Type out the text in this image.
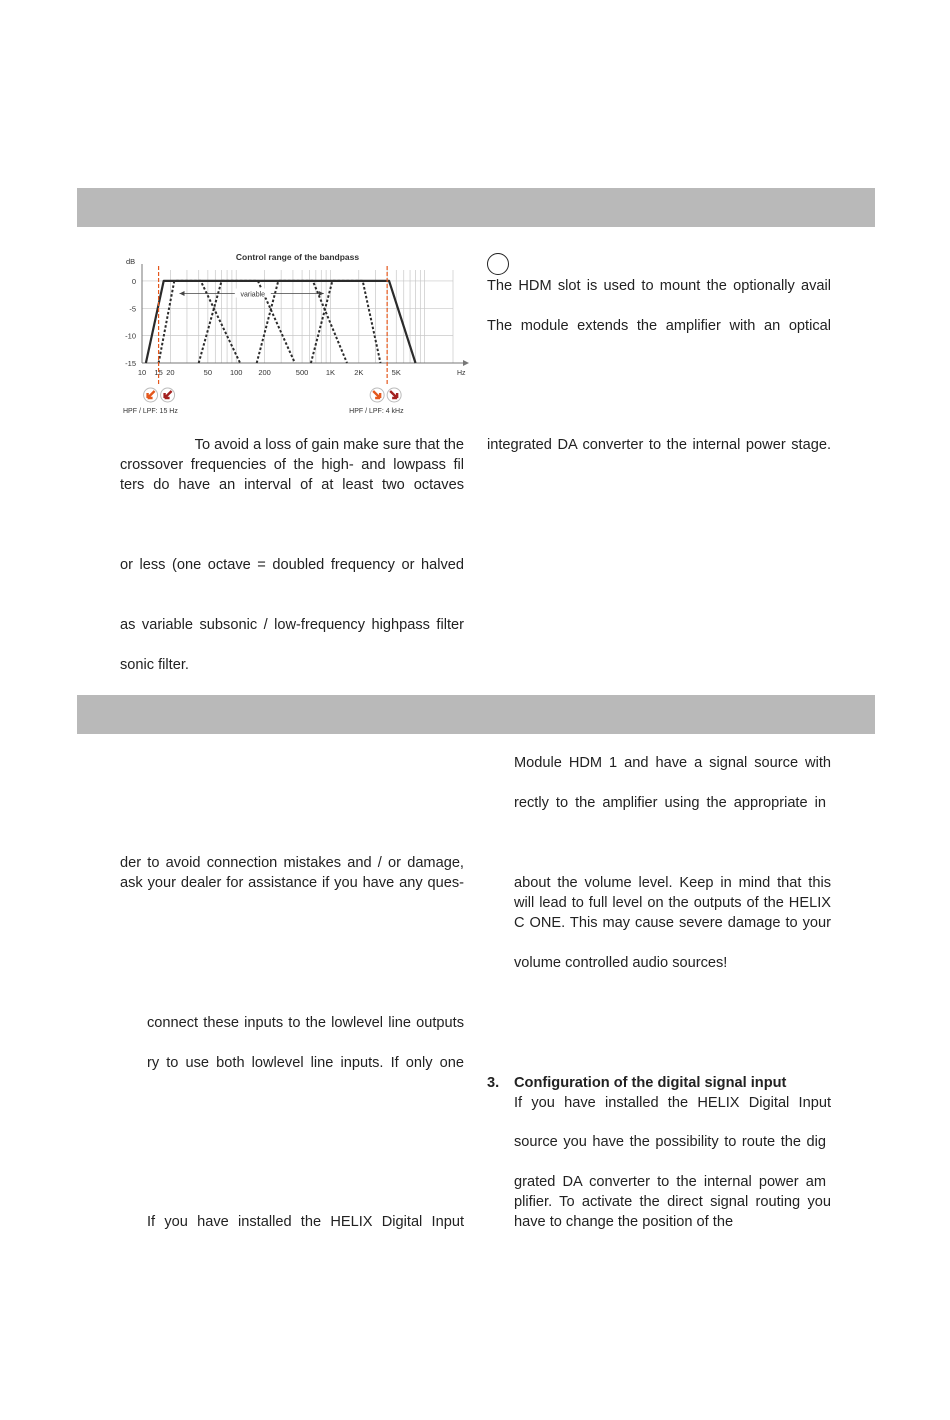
Control range of the bandpass
0
-5
-10
-15
dB
10 15 20	50 100 200	500 1K	2K	5K	Hz
variable
HPF / LPF: 15 Hz	HPF / LPF: 4 kHz
To avoid a loss of gain make sure that the
crossover frequencies of the high- and lowpass fil
ters do have an interval of at least two octaves
or less (one octave = doubled frequency or halved
as variable subsonic / low-frequency highpass filter
sonic filter.
The HDM slot is used to mount the optionally avail
The module extends the amplifier with an optical
integrated DA converter to the internal power stage.
der to avoid connection mistakes and / or damage,
ask your dealer for assistance if you have any ques-
connect these inputs to the lowlevel line outputs
ry to use both lowlevel line inputs. If only one
If you have installed the HELIX Digital Input
Module HDM 1 and have a signal source with
rectly to the amplifier using the appropriate in
about the volume level. Keep in mind that this
will lead to full level on the outputs of the HELIX
C ONE. This may cause severe damage to your
volume controlled audio sources!
3. Configuration of the digital signal input
If you have installed the HELIX Digital Input
source you have the possibility to route the dig
grated DA converter to the internal power am
plifier. To activate the direct signal routing you
have to change the position of the
